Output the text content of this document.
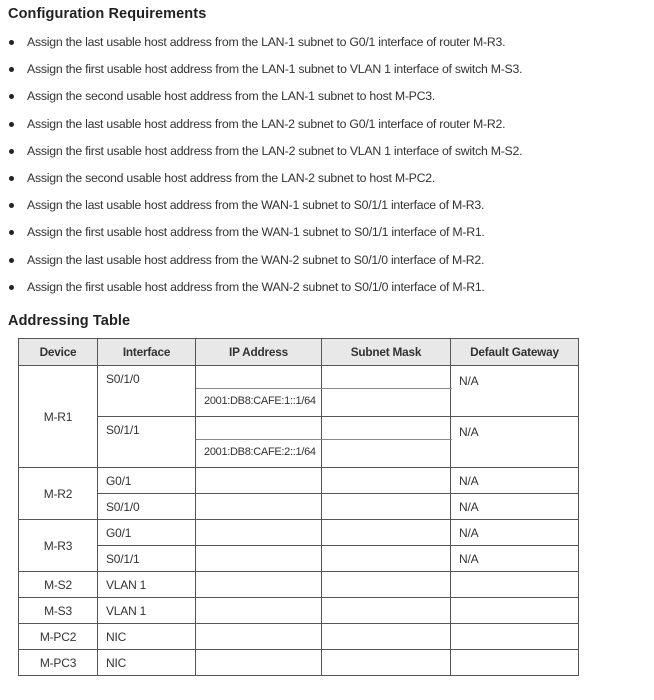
Configuration Requirements
Assign the last usable host address from the LAN-1 subnet to G0/1 interface of router M-R3.
Assign the first usable host address from the LAN-1 subnet to VLAN 1 interface of switch M-S3.
Assign the second usable host address from the LAN-1 subnet to host M-PC3.
Assign the last usable host address from the LAN-2 subnet to G0/1 interface of router M-R2.
Assign the first usable host address from the LAN-2 subnet to VLAN 1 interface of switch M-S2.
Assign the second usable host address from the LAN-2 subnet to host M-PC2.
Assign the last usable host address from the WAN-1 subnet to S0/1/1 interface of M-R3.
Assign the first usable host address from the WAN-1 subnet to S0/1/1 interface of M-R1.
Assign the last usable host address from the WAN-2 subnet to S0/1/0 interface of M-R2.
Assign the first usable host address from the WAN-2 subnet to S0/1/0 interface of M-R1.
Addressing Table
Device	Interface	IP Address	Subnet Mask	Default Gateway
M-R1	S0/1/0	2001:DB8:CAFE:1::1/64		N/A
	S0/1/1	2001:DB8:CAFE:2::1/64		N/A
M-R2	G0/1			N/A
	S0/1/0			N/A
M-R3	G0/1			N/A
	S0/1/1			N/A
M-S2	VLAN 1			
M-S3	VLAN 1			
M-PC2	NIC			
M-PC3	NIC			
